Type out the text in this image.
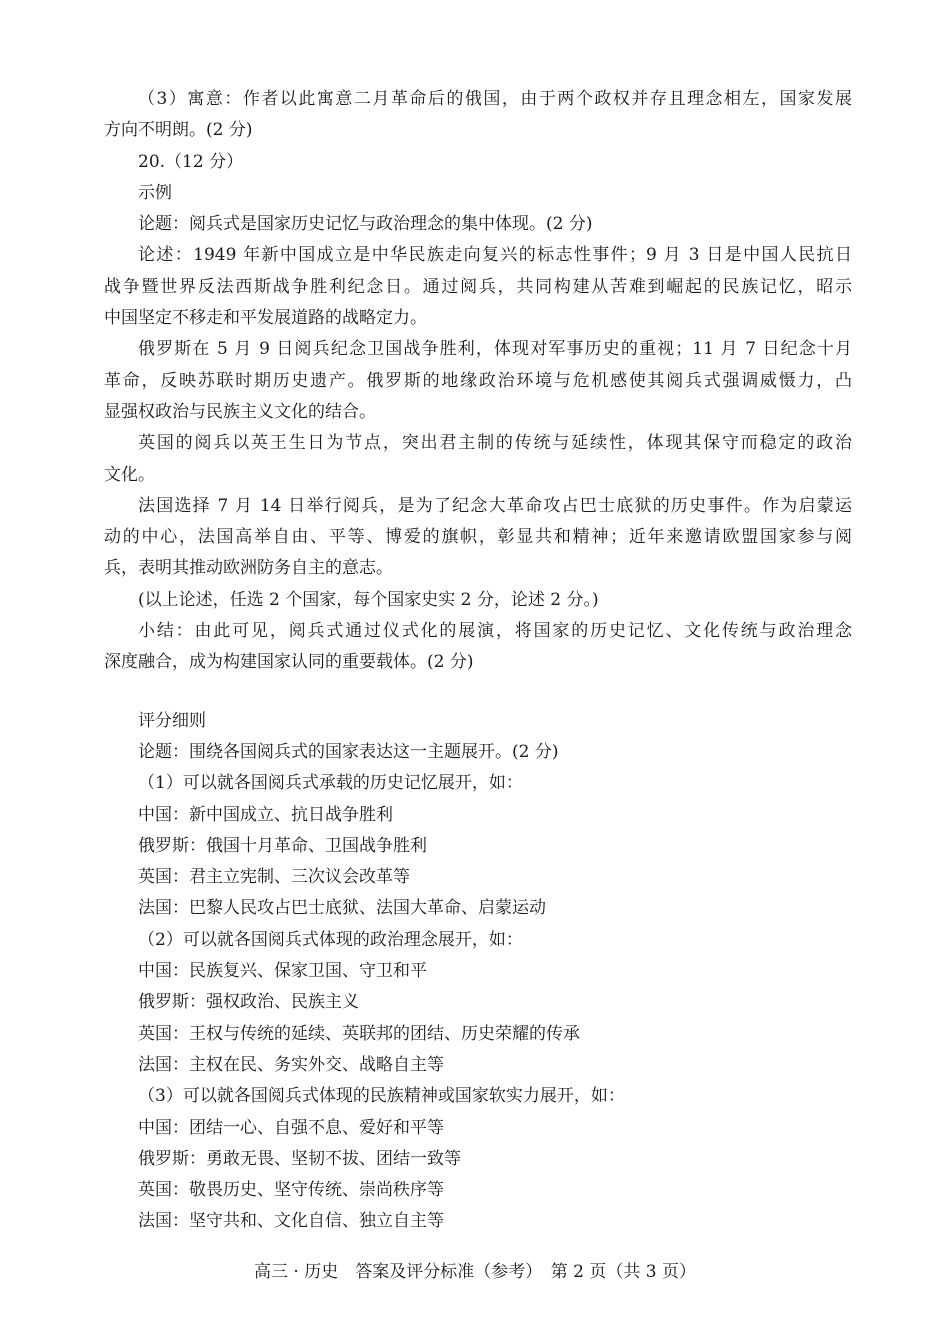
（3）寓意：作者以此寓意二月革命后的俄国，由于两个政权并存且理念相左，国家发展
方向不明朗。(2 分)
20.（12 分）
示例
论题：阅兵式是国家历史记忆与政治理念的集中体现。(2 分)
论述：1949 年新中国成立是中华民族走向复兴的标志性事件；9 月 3 日是中国人民抗日
战争暨世界反法西斯战争胜利纪念日。通过阅兵，共同构建从苦难到崛起的民族记忆，昭示
中国坚定不移走和平发展道路的战略定力。
俄罗斯在 5 月 9 日阅兵纪念卫国战争胜利，体现对军事历史的重视；11 月 7 日纪念十月
革命，反映苏联时期历史遗产。俄罗斯的地缘政治环境与危机感使其阅兵式强调威慑力，凸
显强权政治与民族主义文化的结合。
英国的阅兵以英王生日为节点，突出君主制的传统与延续性，体现其保守而稳定的政治
文化。
法国选择 7 月 14 日举行阅兵，是为了纪念大革命攻占巴士底狱的历史事件。作为启蒙运
动的中心，法国高举自由、平等、博爱的旗帜，彰显共和精神；近年来邀请欧盟国家参与阅
兵，表明其推动欧洲防务自主的意志。
(以上论述，任选 2 个国家，每个国家史实 2 分，论述 2 分。)
小结：由此可见，阅兵式通过仪式化的展演，将国家的历史记忆、文化传统与政治理念
深度融合，成为构建国家认同的重要载体。(2 分)
评分细则
论题：围绕各国阅兵式的国家表达这一主题展开。(2 分)
（1）可以就各国阅兵式承载的历史记忆展开，如：
中国：新中国成立、抗日战争胜利
俄罗斯：俄国十月革命、卫国战争胜利
英国：君主立宪制、三次议会改革等
法国：巴黎人民攻占巴士底狱、法国大革命、启蒙运动
（2）可以就各国阅兵式体现的政治理念展开，如：
中国：民族复兴、保家卫国、守卫和平
俄罗斯：强权政治、民族主义
英国：王权与传统的延续、英联邦的团结、历史荣耀的传承
法国：主权在民、务实外交、战略自主等
（3）可以就各国阅兵式体现的民族精神或国家软实力展开，如：
中国：团结一心、自强不息、爱好和平等
俄罗斯：勇敢无畏、坚韧不拔、团结一致等
英国：敬畏历史、坚守传统、崇尚秩序等
法国：坚守共和、文化自信、独立自主等
高三 · 历史　答案及评分标准（参考）　第 2 页（共 3 页）
